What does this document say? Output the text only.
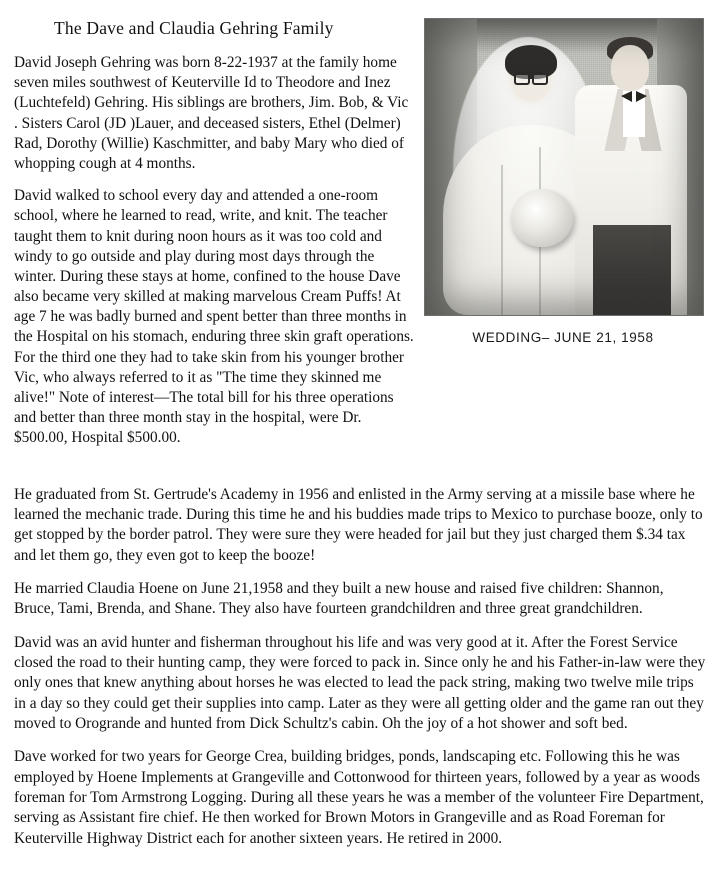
WEDDING– JUNE 21, 1958
The Dave and Claudia Gehring Family

David Joseph Gehring was born 8-22-1937 at the family home seven miles southwest of Keuterville Id to Theodore and Inez (Luchtefeld) Gehring. His siblings are brothers, Jim. Bob, & Vic . Sisters Carol (JD )Lauer, and deceased sisters, Ethel (Delmer) Rad, Dorothy (Willie) Kaschmitter, and baby Mary who died of whopping cough at 4 months.

David walked to school every day and attended a one-room school, where he learned to read, write, and knit. The teacher taught them to knit during noon hours as it was too cold and windy to go outside and play during most days through the winter. During these stays at home, confined to the house Dave also became very skilled at making marvelous Cream Puffs! At age 7 he was badly burned and spent better than three months in the Hospital on his stomach, enduring three skin graft operations. For the third one they had to take skin from his younger brother Vic, who always referred to it as "The time they skinned me alive!" Note of interest—The total bill for his three operations and better than three month stay in the hospital, were Dr. $500.00, Hospital $500.00.

He graduated from St. Gertrude's Academy in 1956 and enlisted in the Army serving at a missile base where he learned the mechanic trade. During this time he and his buddies made trips to Mexico to purchase booze, only to get stopped by the border patrol. They were sure they were headed for jail but they just charged them $.34 tax and let them go, they even got to keep the booze!

He married Claudia Hoene on June 21,1958 and they built a new house and raised five children: Shannon, Bruce, Tami, Brenda, and Shane. They also have fourteen grandchildren and three great grandchildren.

David was an avid hunter and fisherman throughout his life and was very good at it. After the Forest Service closed the road to their hunting camp, they were forced to pack in. Since only he and his Father-in-law were they only ones that knew anything about horses he was elected to lead the pack string, making two twelve mile trips in a day so they could get their supplies into camp. Later as they were all getting older and the game ran out they moved to Orogrande and hunted from Dick Schultz's cabin. Oh the joy of a hot shower and soft bed.

Dave worked for two years for George Crea, building bridges, ponds, landscaping etc. Following this he was employed by Hoene Implements at Grangeville and Cottonwood for thirteen years, followed by a year as woods foreman for Tom Armstrong Logging. During all these years he was a member of the volunteer Fire Department, serving as Assistant fire chief. He then worked for Brown Motors in Grangeville and as Road Foreman for Keuterville Highway District each for another sixteen years. He retired in 2000.
